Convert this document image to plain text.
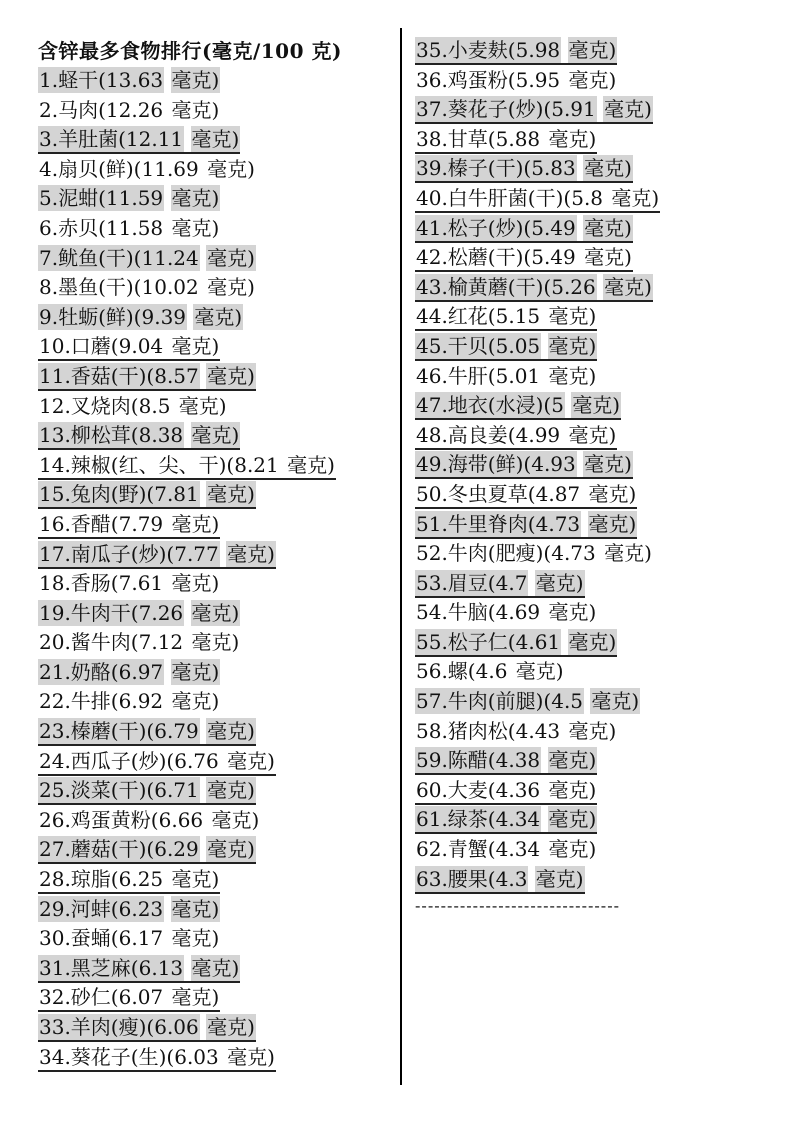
含锌最多食物排行(毫克/100 克)
1.蛏干(13.63 毫克)
2.马肉(12.26 毫克)
3.羊肚菌(12.11 毫克)
4.扇贝(鲜)(11.69 毫克)
5.泥蚶(11.59 毫克)
6.赤贝(11.58 毫克)
7.鱿鱼(干)(11.24 毫克)
8.墨鱼(干)(10.02 毫克)
9.牡蛎(鲜)(9.39 毫克)
10.口蘑(9.04 毫克)
11.香菇(干)(8.57 毫克)
12.叉烧肉(8.5 毫克)
13.柳松茸(8.38 毫克)
14.辣椒(红、尖、干)(8.21 毫克)
15.兔肉(野)(7.81 毫克)
16.香醋(7.79 毫克)
17.南瓜子(炒)(7.77 毫克)
18.香肠(7.61 毫克)
19.牛肉干(7.26 毫克)
20.酱牛肉(7.12 毫克)
21.奶酪(6.97 毫克)
22.牛排(6.92 毫克)
23.榛蘑(干)(6.79 毫克)
24.西瓜子(炒)(6.76 毫克)
25.淡菜(干)(6.71 毫克)
26.鸡蛋黄粉(6.66 毫克)
27.蘑菇(干)(6.29 毫克)
28.琼脂(6.25 毫克)
29.河蚌(6.23 毫克)
30.蚕蛹(6.17 毫克)
31.黑芝麻(6.13 毫克)
32.砂仁(6.07 毫克)
33.羊肉(瘦)(6.06 毫克)
34.葵花子(生)(6.03 毫克)
35.小麦麸(5.98 毫克)
36.鸡蛋粉(5.95 毫克)
37.葵花子(炒)(5.91 毫克)
38.甘草(5.88 毫克)
39.榛子(干)(5.83 毫克)
40.白牛肝菌(干)(5.8 毫克)
41.松子(炒)(5.49 毫克)
42.松蘑(干)(5.49 毫克)
43.榆黄蘑(干)(5.26 毫克)
44.红花(5.15 毫克)
45.干贝(5.05 毫克)
46.牛肝(5.01 毫克)
47.地衣(水浸)(5 毫克)
48.高良姜(4.99 毫克)
49.海带(鲜)(4.93 毫克)
50.冬虫夏草(4.87 毫克)
51.牛里脊肉(4.73 毫克)
52.牛肉(肥瘦)(4.73 毫克)
53.眉豆(4.7 毫克)
54.牛脑(4.69 毫克)
55.松子仁(4.61 毫克)
56.螺(4.6 毫克)
57.牛肉(前腿)(4.5 毫克)
58.猪肉松(4.43 毫克)
59.陈醋(4.38 毫克)
60.大麦(4.36 毫克)
61.绿茶(4.34 毫克)
62.青蟹(4.34 毫克)
63.腰果(4.3 毫克)
--------------------------------
